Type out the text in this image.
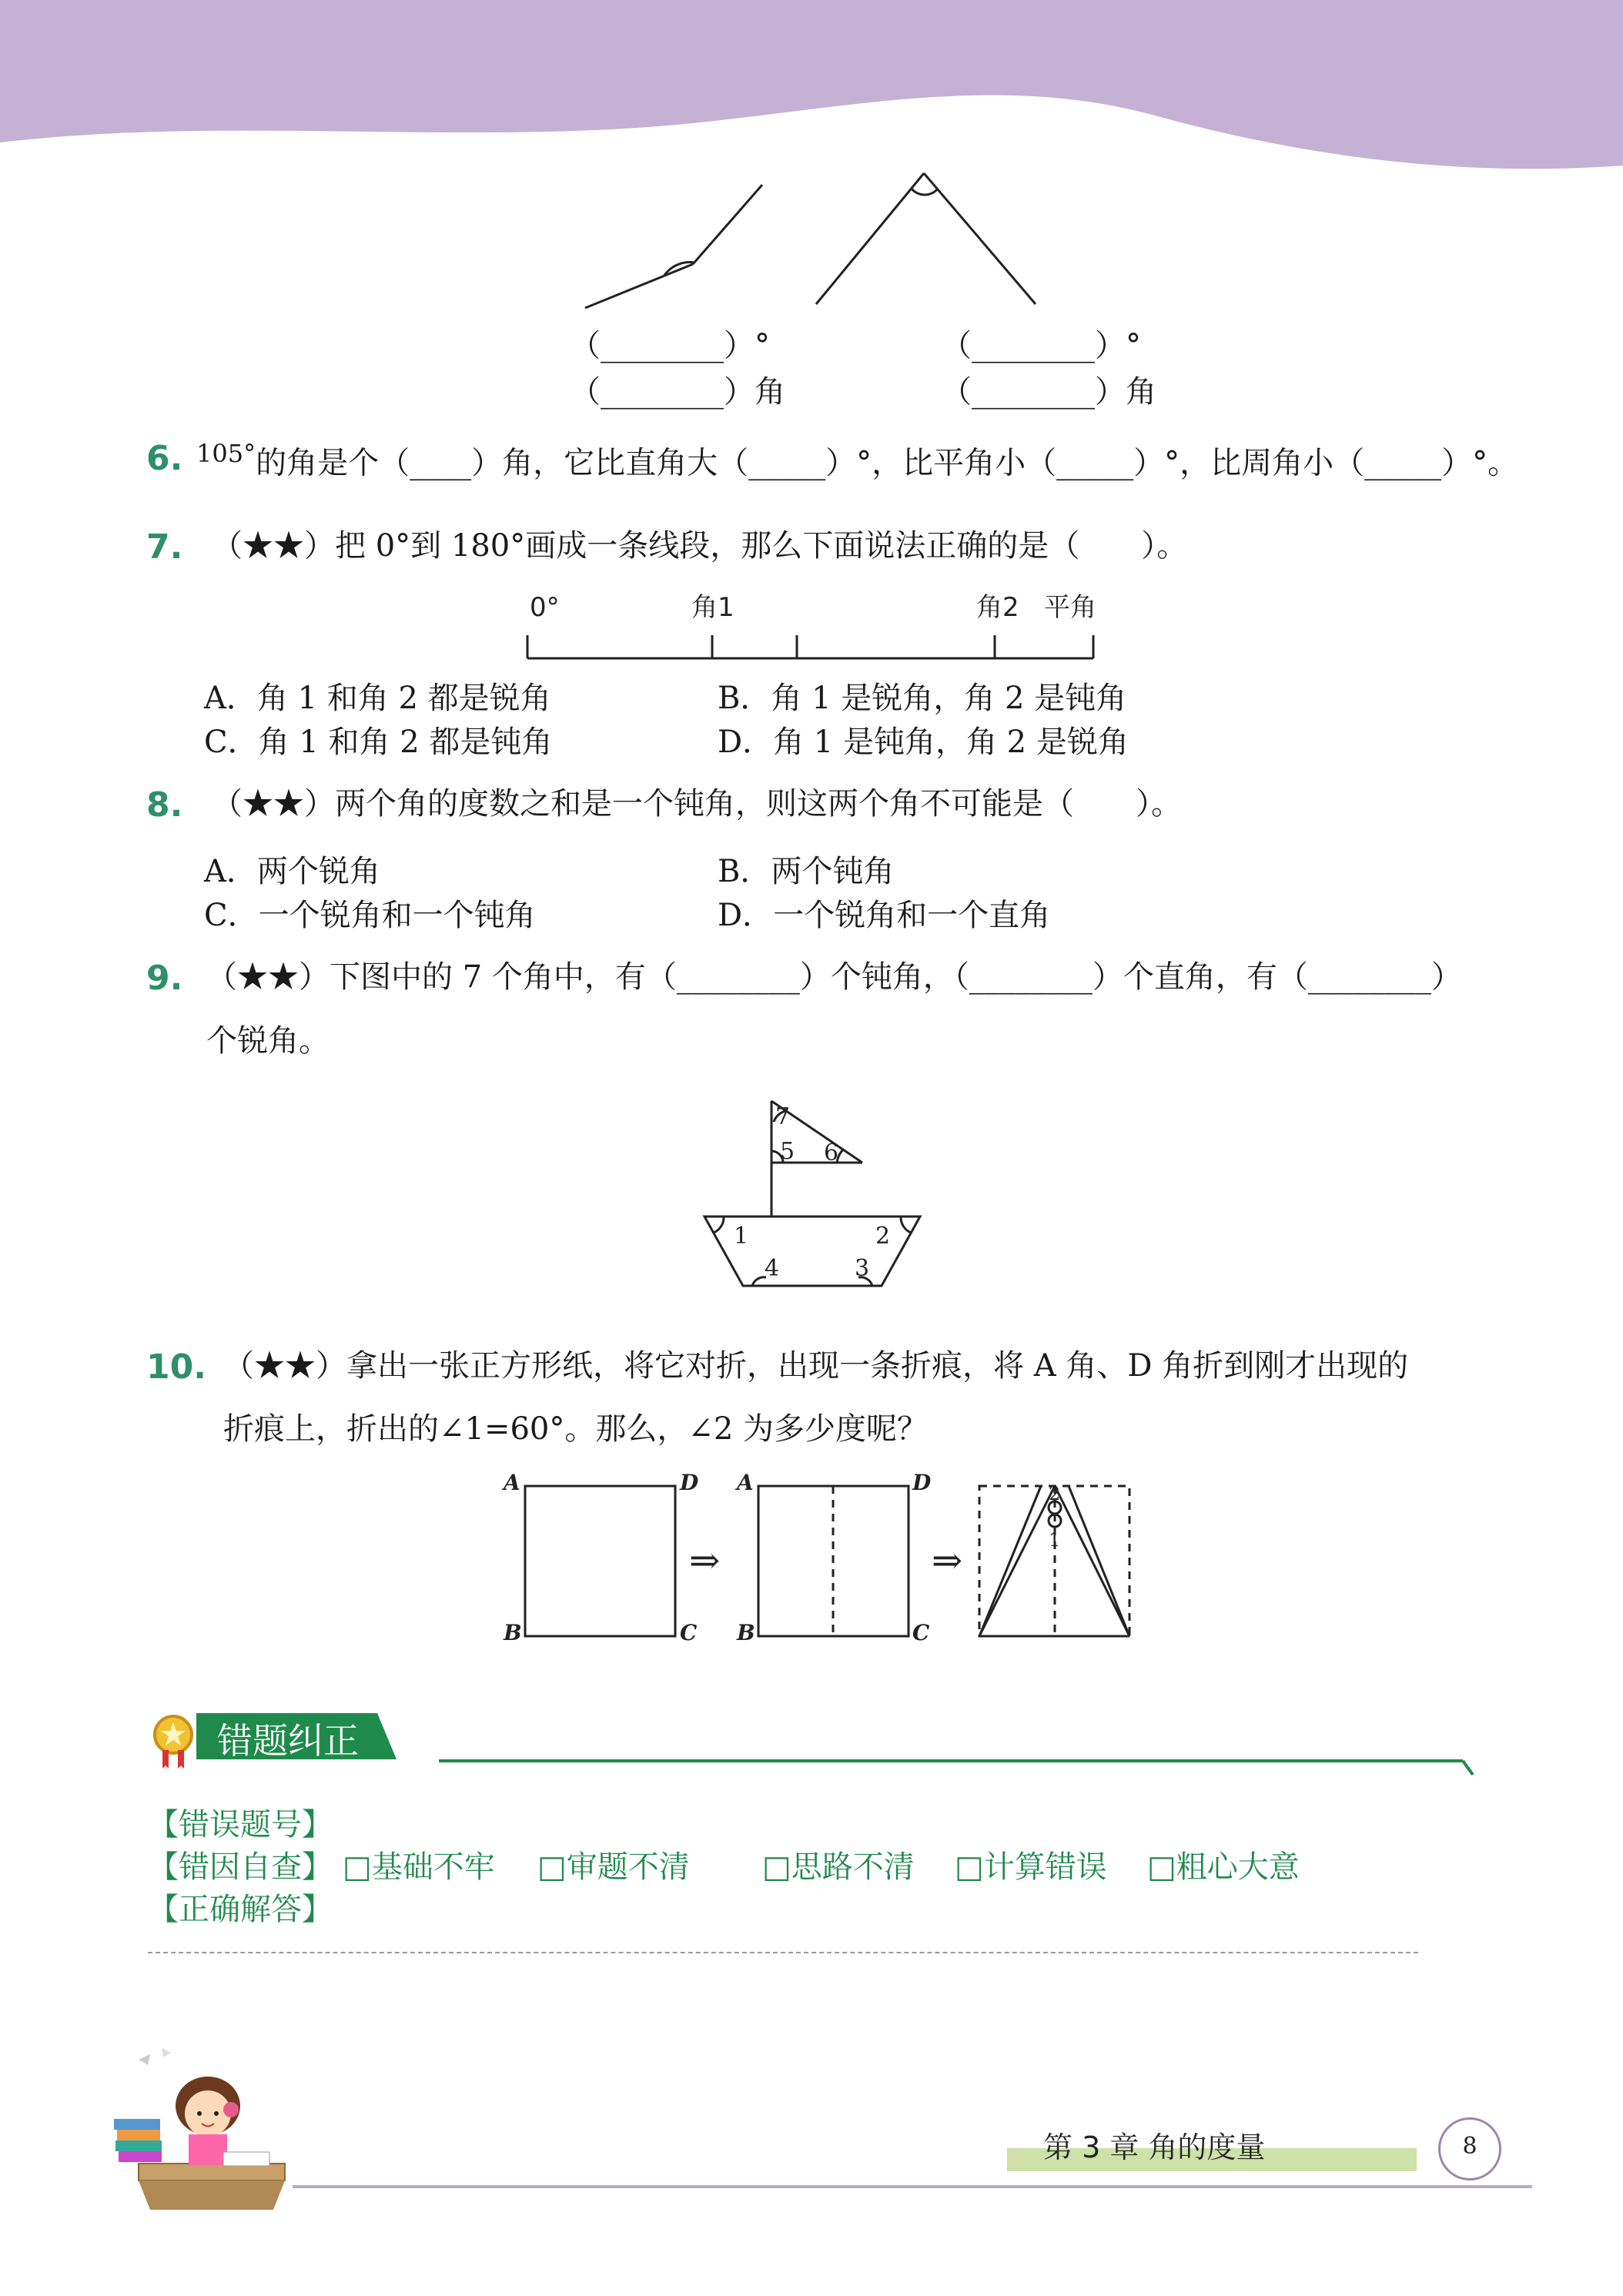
（________）°
（________）角
（________）°
（________）角
6. $^{105^\circ}$的角是个（____）角，它比直角大（_____）°，比平角小（_____）°，比周角小（_____）°。
7. （★★）把 0°到 180°画成一条线段，那么下面说法正确的是（　　）。
0°	角1	角2 平角
A．角 1 和角 2 都是锐角	B．角 1 是锐角，角 2 是钝角
C．角 1 和角 2 都是钝角	D．角 1 是钝角，角 2 是锐角
8. （★★）两个角的度数之和是一个钝角，则这两个角不可能是（　　）。
A．两个锐角	B．两个钝角
C．一个锐角和一个钝角	D．一个锐角和一个直角
9. （★★）下图中的 7 个角中，有（________）个钝角，（________）个直角，有（________）
个锐角。
7
5 6
1	2
4	3
10. （★★）拿出一张正方形纸，将它对折，出现一条折痕，将 A 角、D 角折到刚才出现的
折痕上，折出的∠1=60°。那么，∠2 为多少度呢？
⇒	⇒
A	D
B	C
A	D
B	C
2
1
错题纠正
【错误题号】
【错因自查】 □基础不牢 □审题不清 □思路不清 □计算错误 □粗心大意
【正确解答】
第 3 章 角的度量	8
